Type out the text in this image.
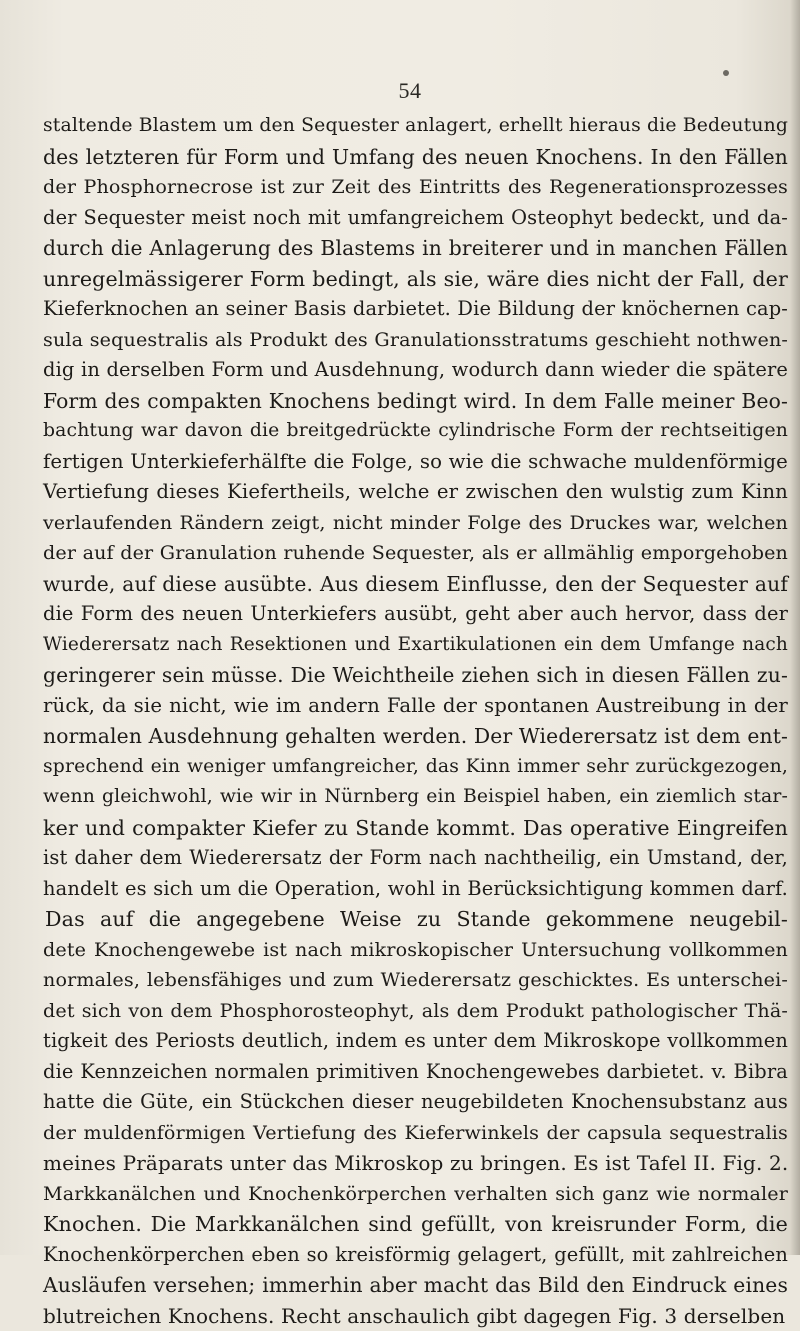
54
staltende Blastem um den Sequester anlagert, erhellt hieraus die Bedeutung
des letzteren für Form und Umfang des neuen Knochens. In den Fällen
der Phosphornecrose ist zur Zeit des Eintritts des Regenerationsprozesses
der Sequester meist noch mit umfangreichem Osteophyt bedeckt, und da-
durch die Anlagerung des Blastems in breiterer und in manchen Fällen
unregelmässigerer Form bedingt, als sie, wäre dies nicht der Fall, der
Kieferknochen an seiner Basis darbietet. Die Bildung der knöchernen cap-
sula sequestralis als Produkt des Granulationsstratums geschieht nothwen-
dig in derselben Form und Ausdehnung, wodurch dann wieder die spätere
Form des compakten Knochens bedingt wird. In dem Falle meiner Beo-
bachtung war davon die breitgedrückte cylindrische Form der rechtseitigen
fertigen Unterkieferhälfte die Folge, so wie die schwache muldenförmige
Vertiefung dieses Kiefertheils, welche er zwischen den wulstig zum Kinn
verlaufenden Rändern zeigt, nicht minder Folge des Druckes war, welchen
der auf der Granulation ruhende Sequester, als er allmählig emporgehoben
wurde, auf diese ausübte. Aus diesem Einflusse, den der Sequester auf
die Form des neuen Unterkiefers ausübt, geht aber auch hervor, dass der
Wiederersatz nach Resektionen und Exartikulationen ein dem Umfange nach
geringerer sein müsse. Die Weichtheile ziehen sich in diesen Fällen zu-
rück, da sie nicht, wie im andern Falle der spontanen Austreibung in der
normalen Ausdehnung gehalten werden. Der Wiederersatz ist dem ent-
sprechend ein weniger umfangreicher, das Kinn immer sehr zurückgezogen,
wenn gleichwohl, wie wir in Nürnberg ein Beispiel haben, ein ziemlich star-
ker und compakter Kiefer zu Stande kommt. Das operative Eingreifen
ist daher dem Wiederersatz der Form nach nachtheilig, ein Umstand, der,
handelt es sich um die Operation, wohl in Berücksichtigung kommen darf.
Das auf die angegebene Weise zu Stande gekommene neugebil-
dete Knochengewebe ist nach mikroskopischer Untersuchung vollkommen
normales, lebensfähiges und zum Wiederersatz geschicktes. Es unterschei-
det sich von dem Phosphorosteophyt, als dem Produkt pathologischer Thä-
tigkeit des Periosts deutlich, indem es unter dem Mikroskope vollkommen
die Kennzeichen normalen primitiven Knochengewebes darbietet. v. Bibra
hatte die Güte, ein Stückchen dieser neugebildeten Knochensubstanz aus
der muldenförmigen Vertiefung des Kieferwinkels der capsula sequestralis
meines Präparats unter das Mikroskop zu bringen. Es ist Tafel II. Fig. 2.
Markkanälchen und Knochenkörperchen verhalten sich ganz wie normaler
Knochen. Die Markkanälchen sind gefüllt, von kreisrunder Form, die
Knochenkörperchen eben so kreisförmig gelagert, gefüllt, mit zahlreichen
Ausläufen versehen; immerhin aber macht das Bild den Eindruck eines
blutreichen Knochens. Recht anschaulich gibt dagegen Fig. 3 derselben
